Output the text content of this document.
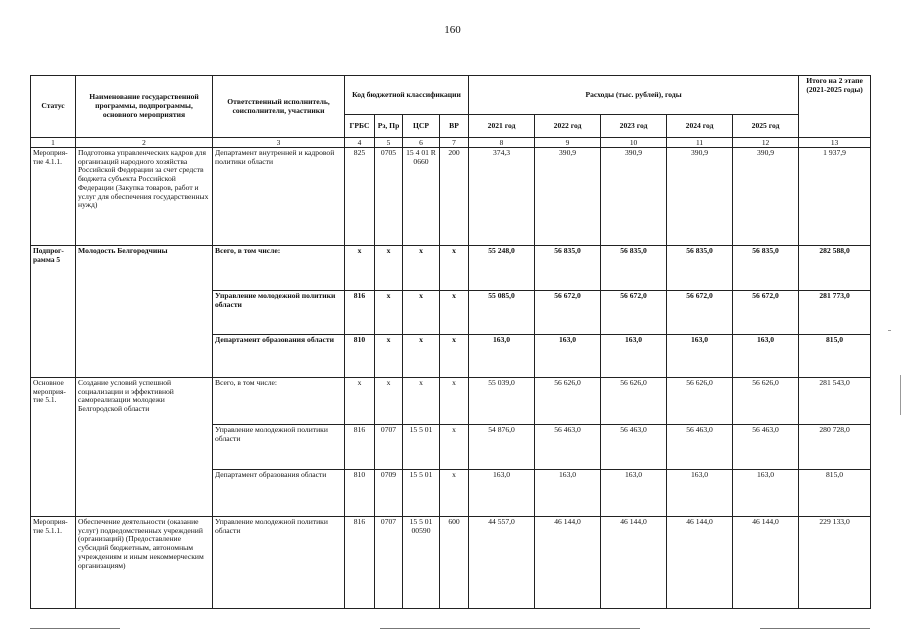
160
Статус	Наименование государственной программы, подпрограммы, основного мероприятия	Ответственный исполнитель, соисполнители, участники	Код бюджетной классификации				Расходы (тыс. рублей), годы					Итого на 2 этапе (2021-2025 годы)
			ГРБС	Рз, Пр	ЦСР	ВР	2021 год	2022 год	2023 год	2024 год	2025 год	
1	2	3	4	5	6	7	8	9	10	11	12	13
Мероприя-тие 4.1.1.	Подготовка управленческих кадров для организаций народного хозяйства Российской Федерации за счет средств бюджета субъекта Российской Федерации (Закупка товаров, работ и услуг для обеспечения государственных нужд)	Департамент внутренней и кадровой политики области	825	0705	15 4 01 R 0660	200	374,3	390,9	390,9	390,9	390,9	1 937,9
Подпрог-рамма 5	Молодость Белгородчины	Всего, в том числе:	х	х	х	х	55 248,0	56 835,0	56 835,0	56 835,0	56 835,0	282 588,0
		Управление молодежной политики области	816	х	х	х	55 085,0	56 672,0	56 672,0	56 672,0	56 672,0	281 773,0
		Департамент образования области	810	х	х	х	163,0	163,0	163,0	163,0	163,0	815,0
Основное мероприя-тие 5.1.	Создание условий успешной социализации и эффективной самореализации молодежи Белгородской области	Всего, в том числе:	х	х	х	х	55 039,0	56 626,0	56 626,0	56 626,0	56 626,0	281 543,0
		Управление молодежной политики области	816	0707	15 5 01	х	54 876,0	56 463,0	56 463,0	56 463,0	56 463,0	280 728,0
		Департамент образования области	810	0709	15 5 01	х	163,0	163,0	163,0	163,0	163,0	815,0
Мероприя-тие 5.1.1.	Обеспечение деятельности (оказание услуг) подведомственных учреждений (организаций) (Предоставление субсидий бюджетным, автономным учреждениям и иным некоммерческим организациям)	Управление молодежной политики области	816	0707	15 5 01 00590	600	44 557,0	46 144,0	46 144,0	46 144,0	46 144,0	229 133,0
